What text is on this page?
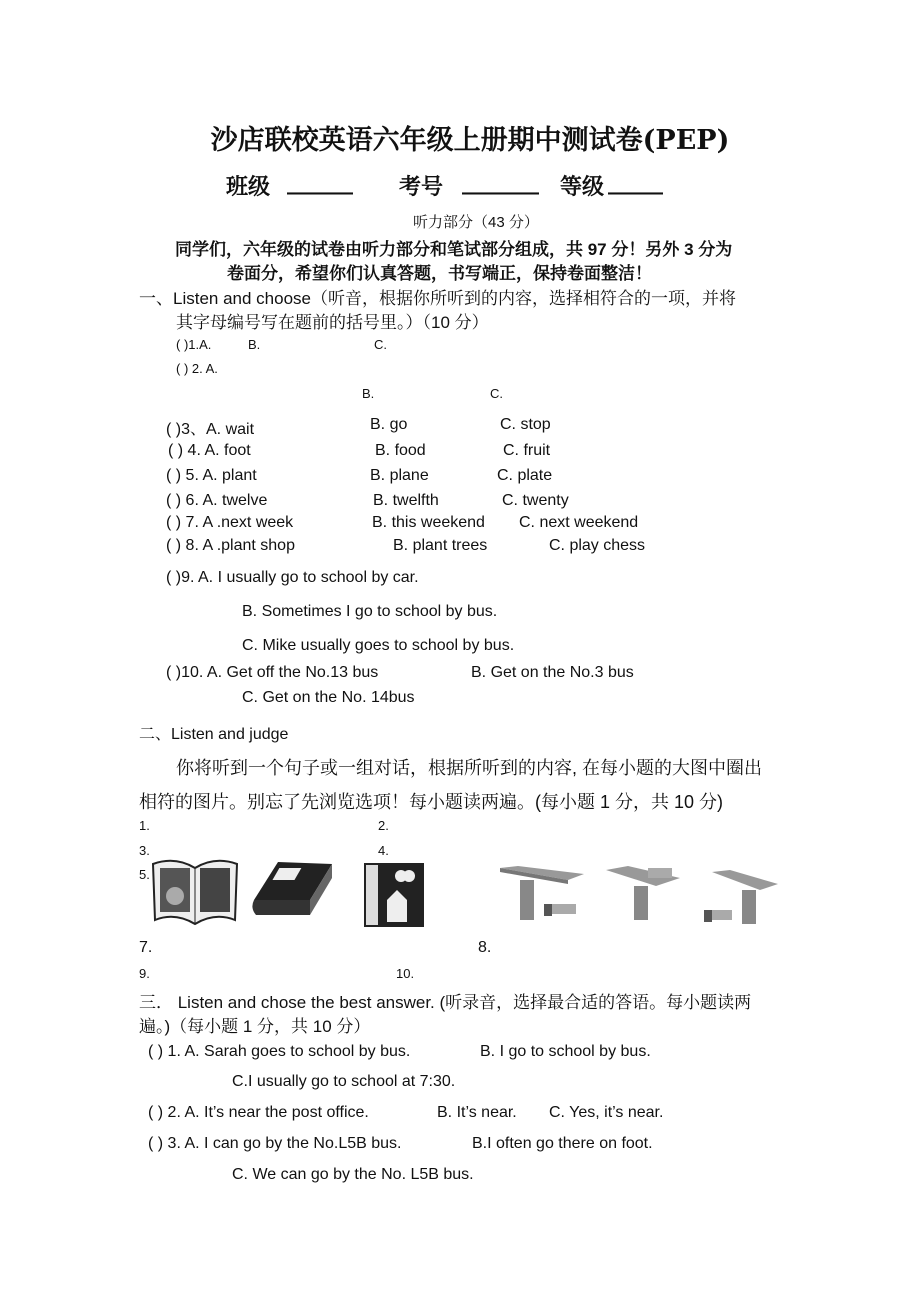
沙店联校英语六年级上册期中测试卷(PEP)
班级 ______ 考号 _______ 等级 _____
听力部分（43 分）
同学们，六年级的试卷由听力部分和笔试部分组成，共 97 分！另外 3 分为
卷面分，希望你们认真答题，书写端正，保持卷面整洁！
一、Listen and choose（听音，根据你所听到的内容，选择相符合的一项，并将
其字母编号写在题前的括号里。）（10 分）
( )1.A.	B.	C.
( ) 2. A.
B.	C.
( )3、A. wait	B. go	C. stop
( ) 4. A. foot	B. food	C. fruit
( ) 5. A. plant	B. plane	C. plate
( ) 6. A. twelve	B. twelfth	C. twenty
( ) 7. A .next week	B. this weekend C. next weekend
( ) 8. A .plant shop	B. plant trees	C. play chess
( )9. A. I usually go to school by car.
B. Sometimes I go to school by bus.
C. Mike usually goes to school by bus.
( )10. A. Get off the No.13 bus	B. Get on the No.3 bus
C. Get on the No. 14bus
二、Listen and judge
你将听到一个句子或一组对话，根据所听到的内容, 在每小题的大图中圈出
相符的图片。别忘了先浏览选项！每小题读两遍。(每小题 1 分，共 10 分)
1.	2.
3.	4.
5.
7.	8.
9.	10.
三． Listen and chose the best answer. (听录音，选择最合适的答语。每小题读两
遍。)（每小题 1 分，共 10 分）
( ) 1. A. Sarah goes to school by bus.	B. I go to school by bus.
C.I usually go to school at 7:30.
( ) 2. A. It’s near the post office.	B. It’s near. C. Yes, it’s near.
( ) 3. A. I can go by the No.L5B bus.	B.I often go there on foot.
C. We can go by the No. L5B bus.
